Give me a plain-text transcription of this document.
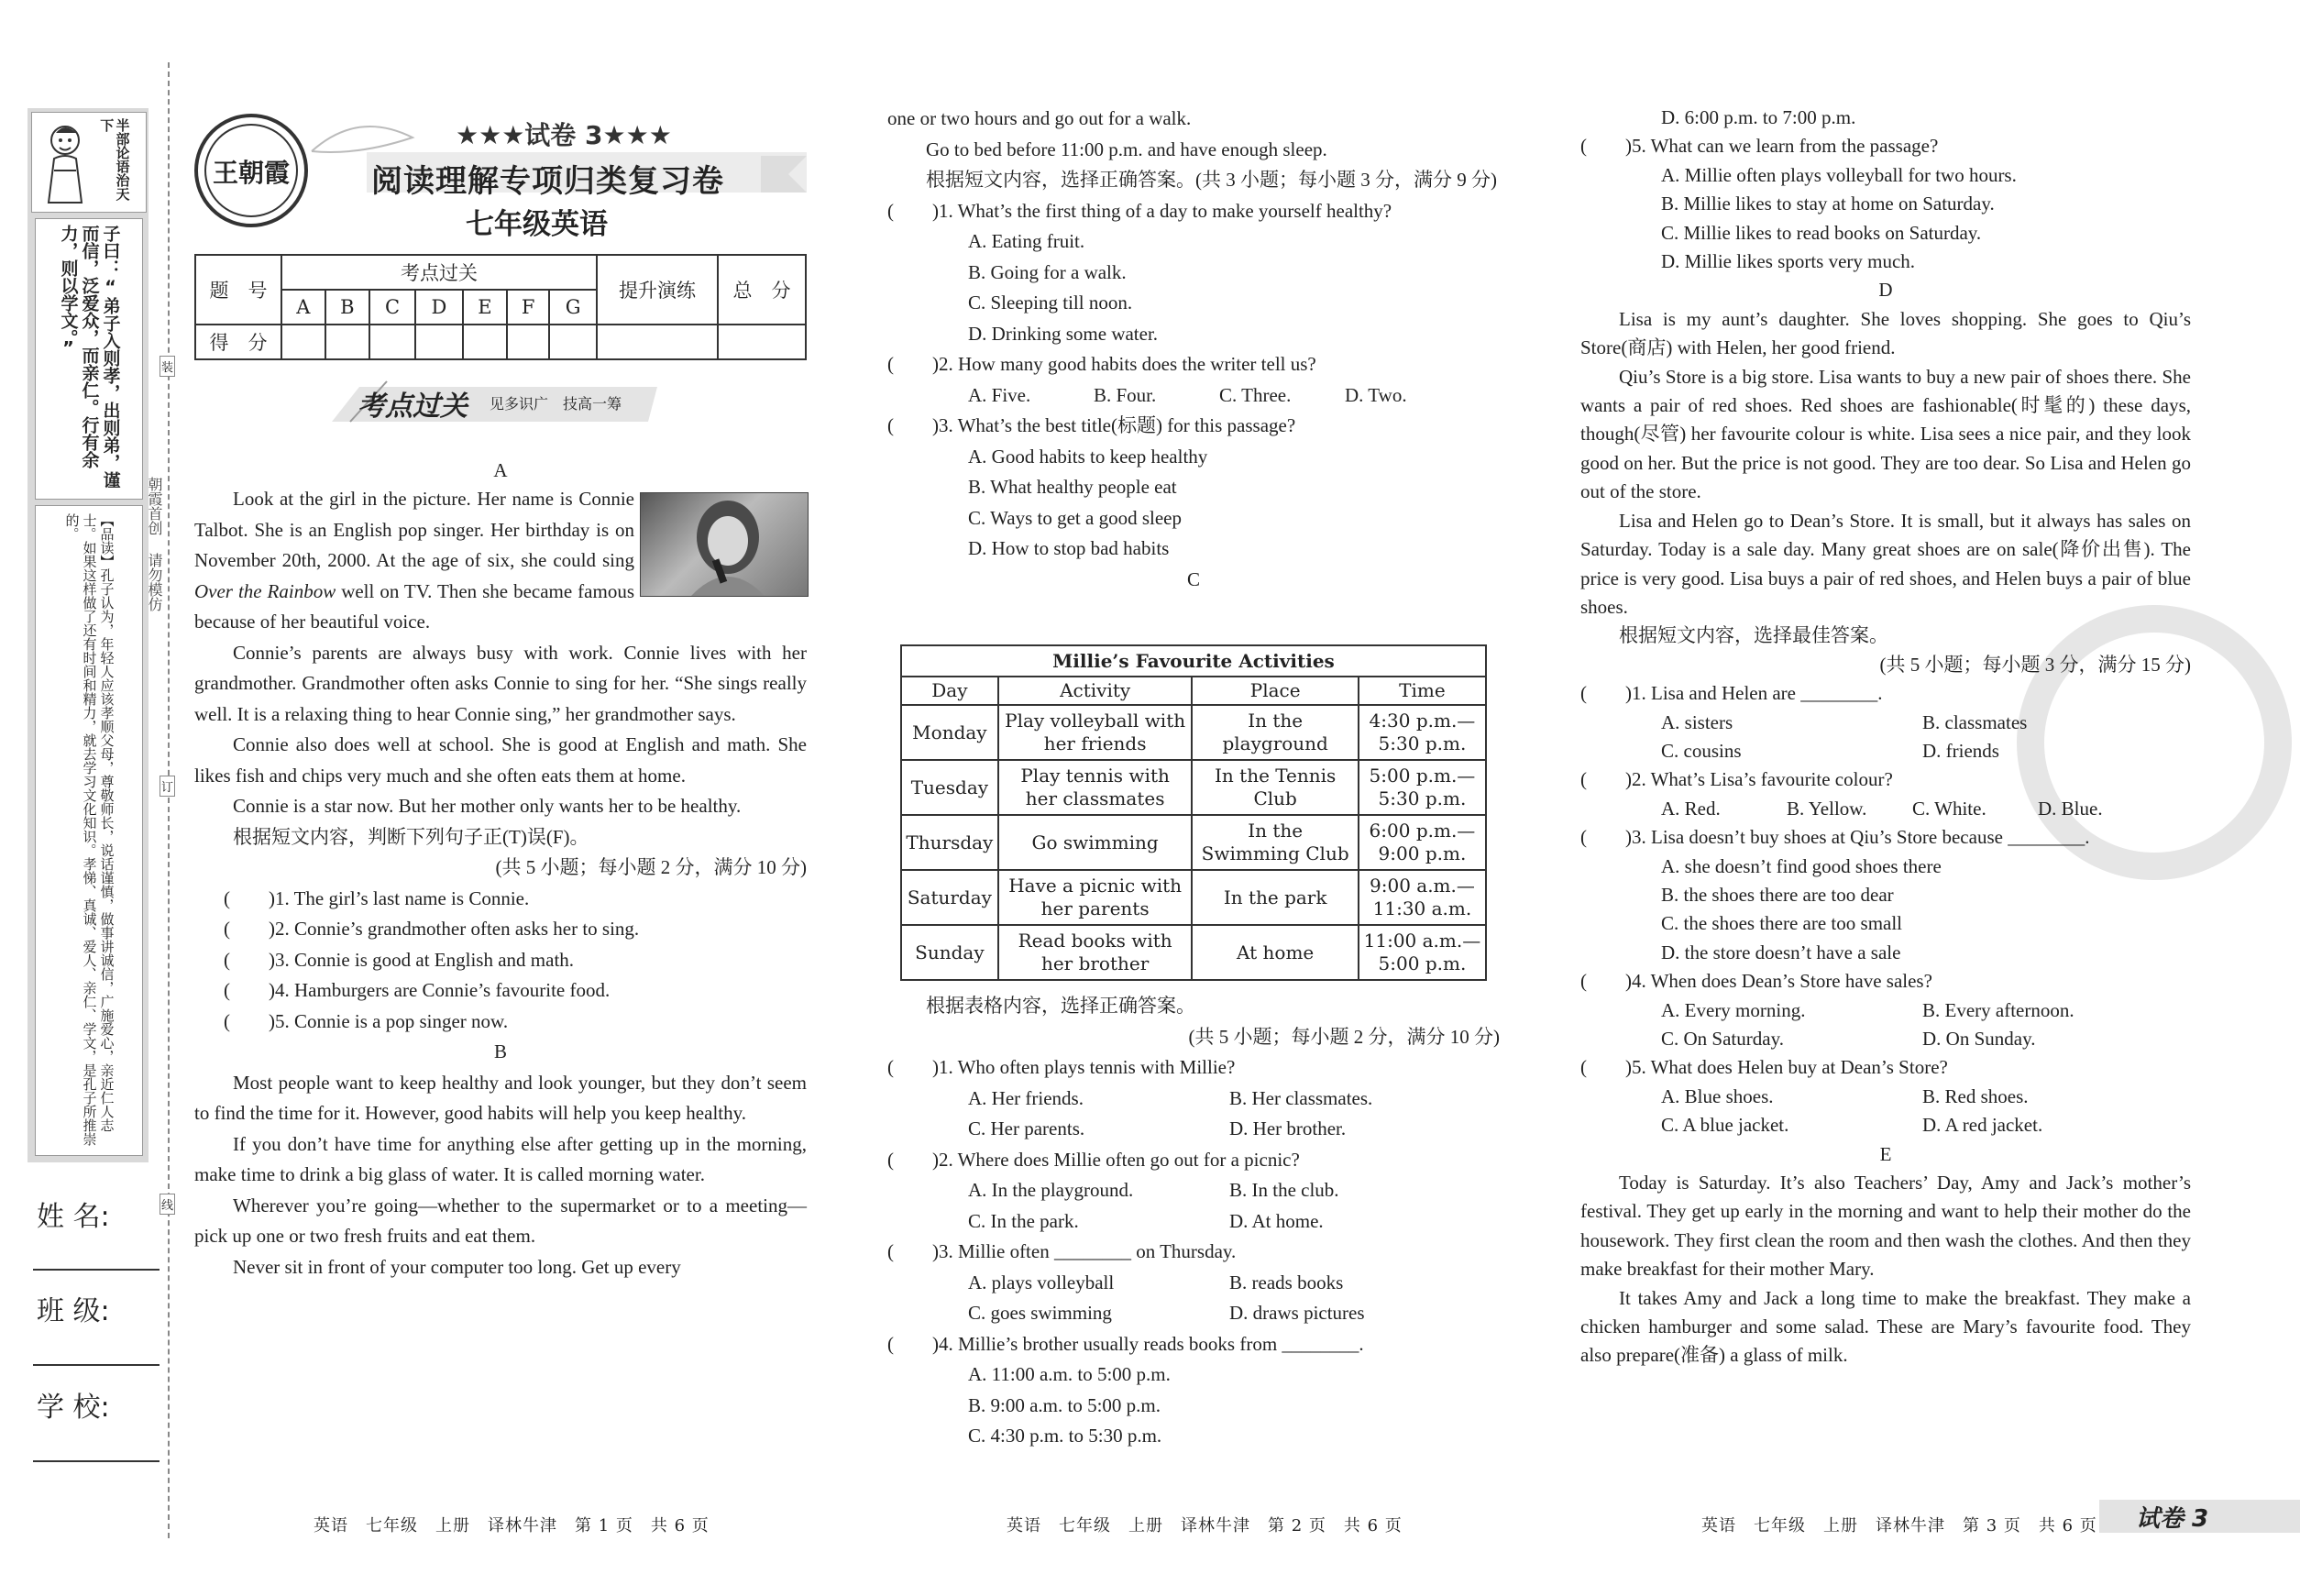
半部论语治天下
子曰：“弟子入则孝，出则弟，谨而信，泛爱众，而亲仁。行有余力，则以学文。”
【品读】孔子认为，年轻人应该孝顺父母，尊敬师长，说话谨慎，做事讲诚信，广施爱心，亲近仁人志士。如果这样做了还有时间和精力，就去学习文化知识。孝悌、真诚、爱人、亲仁、学文，是孔子所推崇的。
姓 名:
班 级:
学 校:
装
订
线
朝霞首创 请勿模仿
王朝霞
★★★试卷 3★★★
阅读理解专项归类复习卷
七年级英语
题　号	考点过关							提升演练	总　分
	A	B	C	D	E	F	G		
得　分									
考点过关 见多识广　技高一筹
A

Look at the girl in the picture. Her name is Connie Talbot. She is an English pop singer. Her birthday is on November 20th, 2000. At the age of six, she could sing Over the Rainbow well on TV. Then she became famous because of her beautiful voice.

Connie’s parents are always busy with work. Connie lives with her grandmother. Grandmother often asks Connie to sing for her. “She sings really well. It is a relaxing thing to hear Connie sing,” her grandmother says.

Connie also does well at school. She is good at English and math. She likes fish and chips very much and she often eats them at home.

Connie is a star now. But her mother only wants her to be healthy.

根据短文内容，判断下列句子正(T)误(F)。

(共 5 小题；每小题 2 分，满分 10 分)

(　　)1. The girl’s last name is Connie.

(　　)2. Connie’s grandmother often asks her to sing.

(　　)3. Connie is good at English and math.

(　　)4. Hamburgers are Connie’s favourite food.

(　　)5. Connie is a pop singer now.

B

Most people want to keep healthy and look younger, but they don’t seem to find the time for it. However, good habits will help you keep healthy.

If you don’t have time for anything else after getting up in the morning, make time to drink a big glass of water. It is called morning water.

Wherever you’re going—whether to the supermarket or to a meeting—pick up one or two fresh fruits and eat them.

Never sit in front of your computer too long. Get up every

one or two hours and go out for a walk.

Go to bed before 11:00 p.m. and have enough sleep.

根据短文内容，选择正确答案。(共 3 小题；每小题 3 分，满分 9 分)

(　　)1. What’s the first thing of a day to make yourself healthy?

A. Eating fruit.

B. Going for a walk.

C. Sleeping till noon.

D. Drinking some water.

(　　)2. How many good habits does the writer tell us?

A. Five.	B. Four.	C. Three.	D. Two.

(　　)3. What’s the best title(标题) for this passage?

A. Good habits to keep healthy

B. What healthy people eat

C. Ways to get a good sleep

D. How to stop bad habits

C

Millie’s Favourite Activities			
Day	Activity	Place	Time
Monday	Play volleyball with her friends	In the playground	4:30 p.m.—5:30 p.m.
Tuesday	Play tennis with her classmates	In the Tennis Club	5:00 p.m.—5:30 p.m.
Thursday	Go swimming	In the Swimming Club	6:00 p.m.—9:00 p.m.
Saturday	Have a picnic with her parents	In the park	9:00 a.m.—11:30 a.m.
Sunday	Read books with her brother	At home	11:00 a.m.—5:00 p.m.

根据表格内容，选择正确答案。

(共 5 小题；每小题 2 分，满分 10 分)

(　　)1. Who often plays tennis with Millie?

A. Her friends.	B. Her classmates.

C. Her parents.	D. Her brother.

(　　)2. Where does Millie often go out for a picnic?

A. In the playground.	B. In the club.

C. In the park.	D. At home.

(　　)3. Millie often ________ on Thursday.

A. plays volleyball	B. reads books

C. goes swimming	D. draws pictures

(　　)4. Millie’s brother usually reads books from ________.

A. 11:00 a.m. to 5:00 p.m.

B. 9:00 a.m. to 5:00 p.m.

C. 4:30 p.m. to 5:30 p.m.

D. 6:00 p.m. to 7:00 p.m.

(　　)5. What can we learn from the passage?

A. Millie often plays volleyball for two hours.

B. Millie likes to stay at home on Saturday.

C. Millie likes to read books on Saturday.

D. Millie likes sports very much.

D

Lisa is my aunt’s daughter. She loves shopping. She goes to Qiu’s Store(商店) with Helen, her good friend.

Qiu’s Store is a big store. Lisa wants to buy a new pair of shoes there. She wants a pair of red shoes. Red shoes are fashionable(时髦的) these days, though(尽管) her favourite colour is white. Lisa sees a nice pair, and they look good on her. But the price is not good. They are too dear. So Lisa and Helen go out of the store.

Lisa and Helen go to Dean’s Store. It is small, but it always has sales on Saturday. Today is a sale day. Many great shoes are on sale(降价出售). The price is very good. Lisa buys a pair of red shoes, and Helen buys a pair of blue shoes.

根据短文内容，选择最佳答案。

(共 5 小题；每小题 3 分，满分 15 分)

(　　)1. Lisa and Helen are ________.

A. sisters	B. classmates

C. cousins	D. friends

(　　)2. What’s Lisa’s favourite colour?

A. Red.	B. Yellow.	C. White.	D. Blue.

(　　)3. Lisa doesn’t buy shoes at Qiu’s Store because ________.

A. she doesn’t find good shoes there

B. the shoes there are too dear

C. the shoes there are too small

D. the store doesn’t have a sale

(　　)4. When does Dean’s Store have sales?

A. Every morning.	B. Every afternoon.

C. On Saturday.	D. On Sunday.

(　　)5. What does Helen buy at Dean’s Store?

A. Blue shoes.	B. Red shoes.

C. A blue jacket.	D. A red jacket.

E

Today is Saturday. It’s also Teachers’ Day, Amy and Jack’s mother’s festival. They get up early in the morning and want to help their mother do the housework. They first clean the room and then wash the clothes. And then they make breakfast for their mother Mary.

It takes Amy and Jack a long time to make the breakfast. They make a chicken hamburger and some salad. These are Mary’s favourite food. They also prepare(准备) a glass of milk.

英语　七年级　上册　译林牛津　第 1 页　共 6 页	英语　七年级　上册　译林牛津　第 2 页　共 6 页	英语　七年级　上册　译林牛津　第 3 页　共 6 页 试卷 3
